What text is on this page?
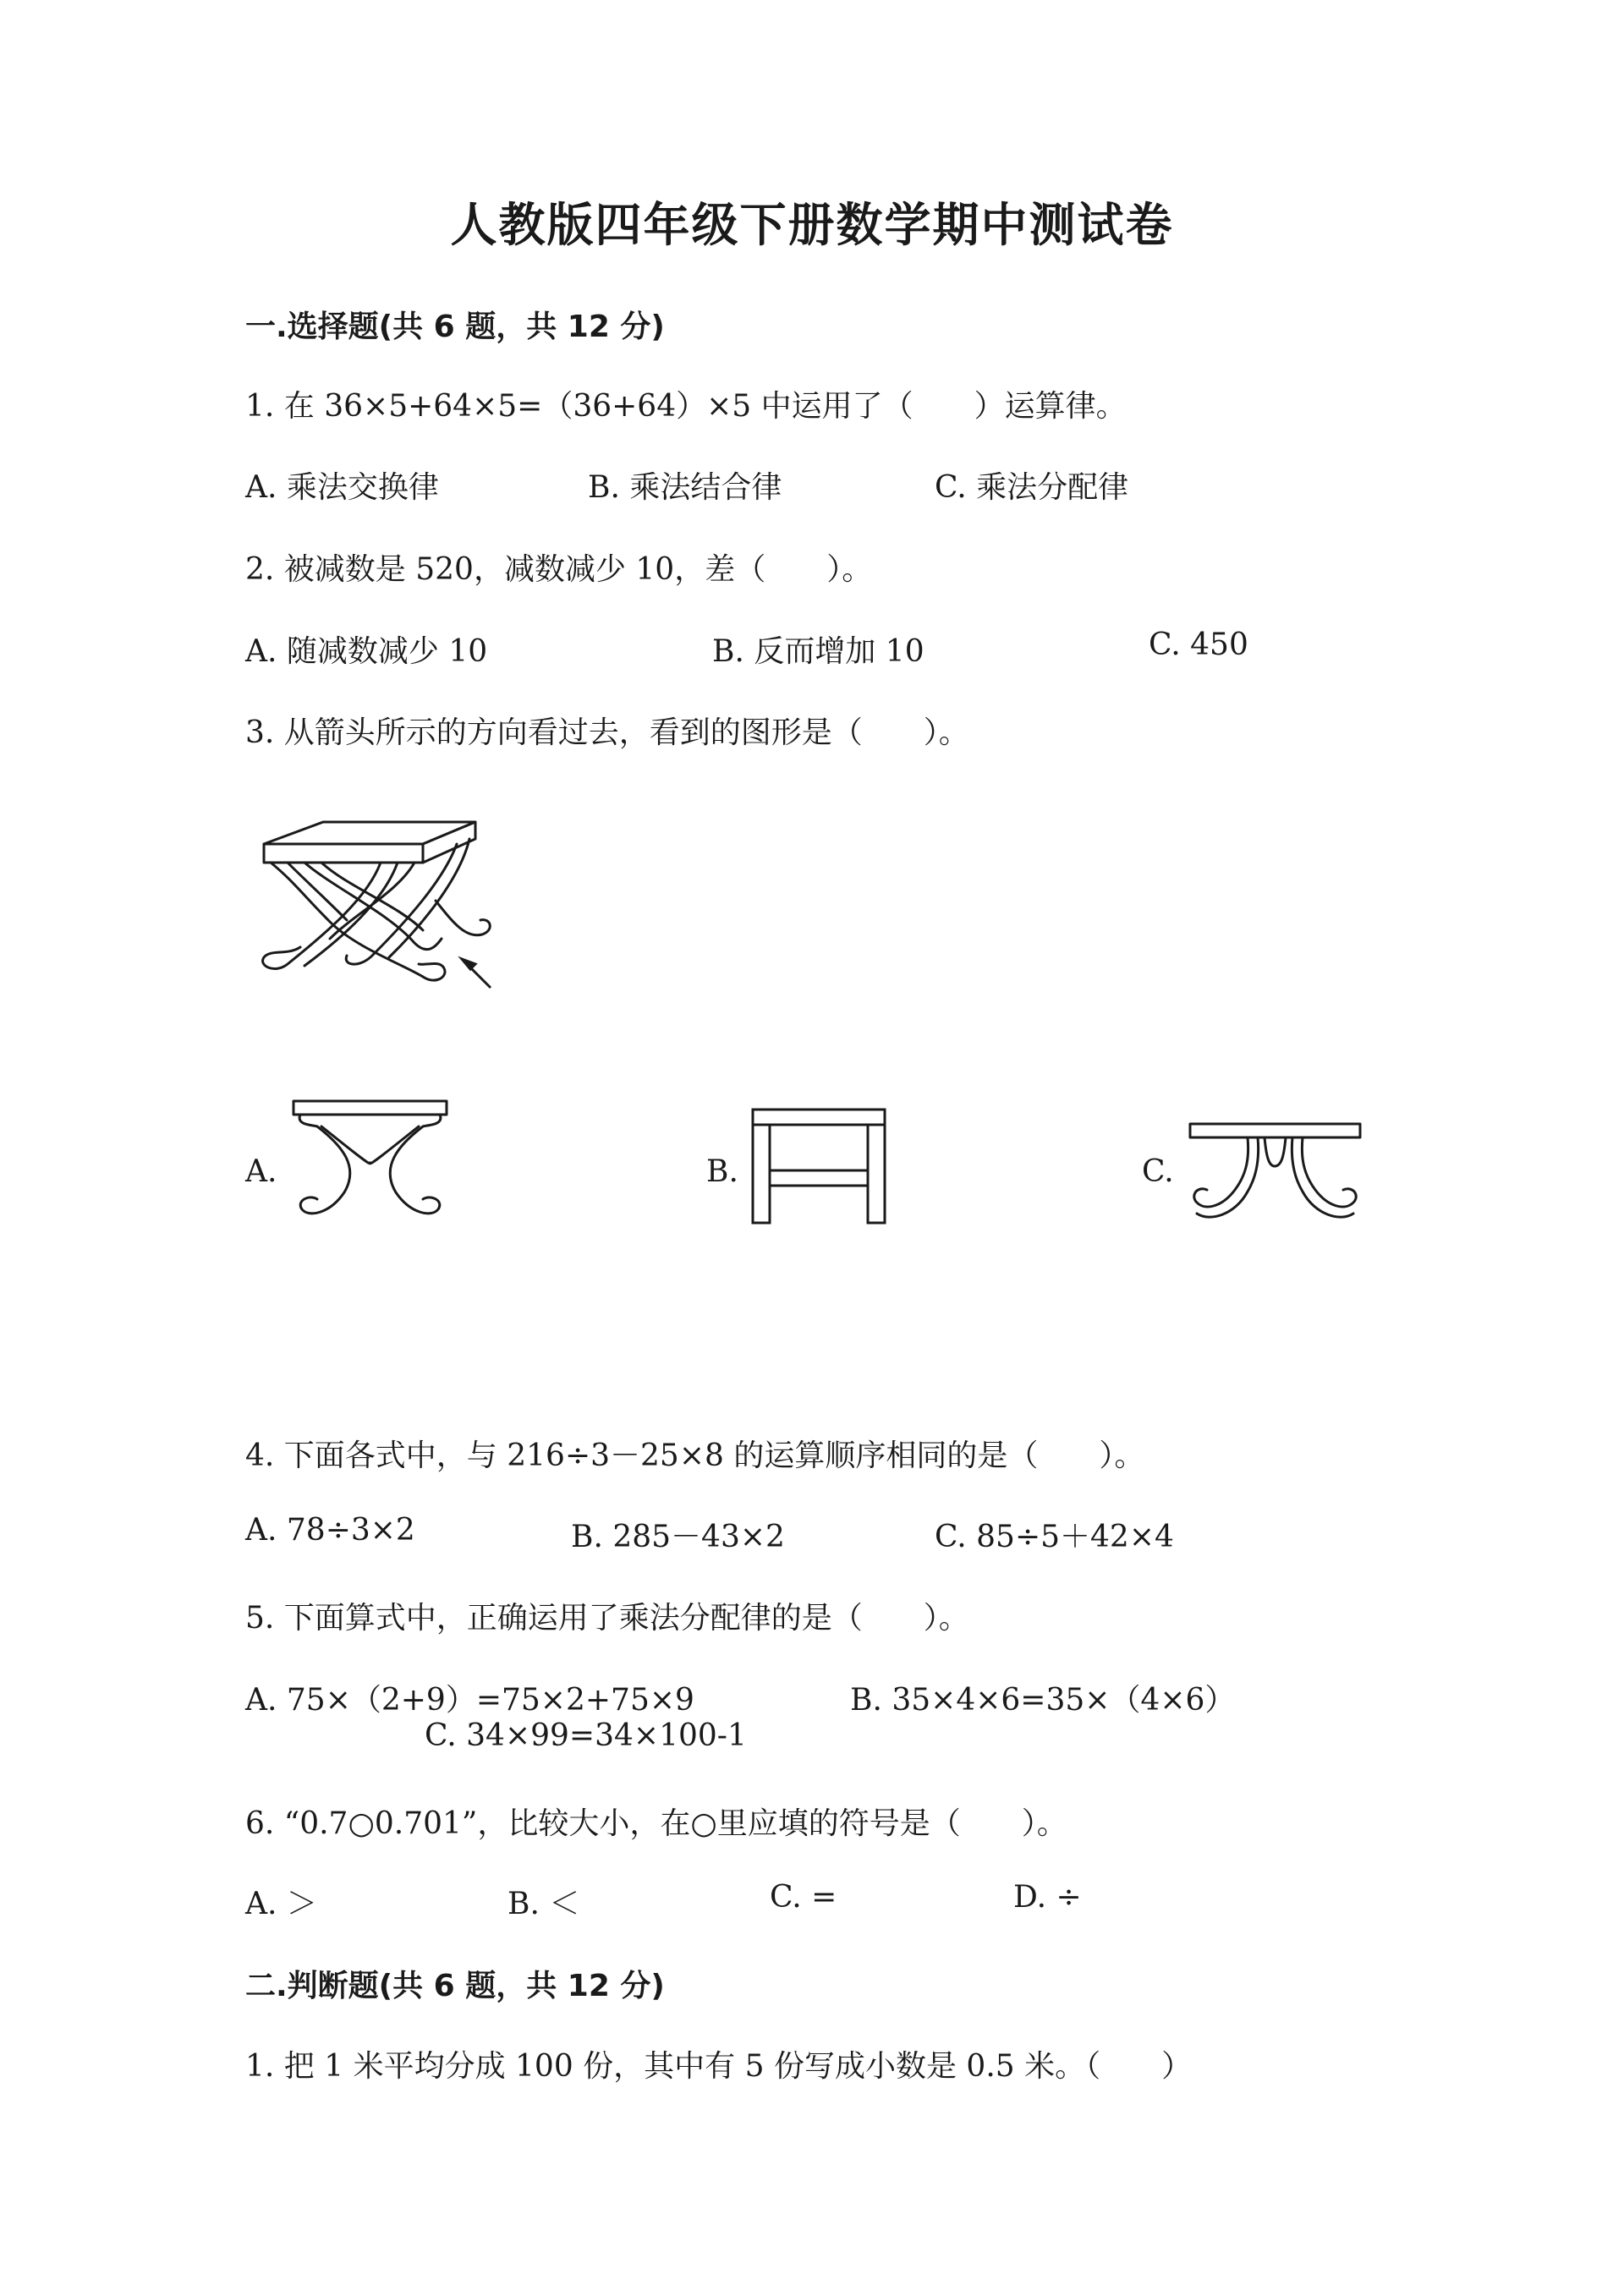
人教版四年级下册数学期中测试卷
一.选择题(共 6 题，共 12 分)
1. 在 36×5+64×5=（36+64）×5 中运用了（　　）运算律。
A. 乘法交换律	B. 乘法结合律	C. 乘法分配律
2. 被减数是 520，减数减少 10，差（　　）。
A. 随减数减少 10	B. 反而增加 10	C. 450
3. 从箭头所示的方向看过去，看到的图形是（　　）。
A.	B.	C.
4. 下面各式中，与 216÷3－25×8 的运算顺序相同的是（　　）。
A. 78÷3×2	B. 285－43×2	C. 85÷5＋42×4
5. 下面算式中，正确运用了乘法分配律的是（　　）。
A. 75×（2+9）=75×2+75×9	B. 35×4×6=35×（4×6）
C. 34×99=34×100-1
6. “0.7○0.701”，比较大小，在○里应填的符号是（　　）。
A. ＞	B. ＜	C. =	D. ÷
二.判断题(共 6 题，共 12 分)
1. 把 1 米平均分成 100 份，其中有 5 份写成小数是 0.5 米。（　　）
